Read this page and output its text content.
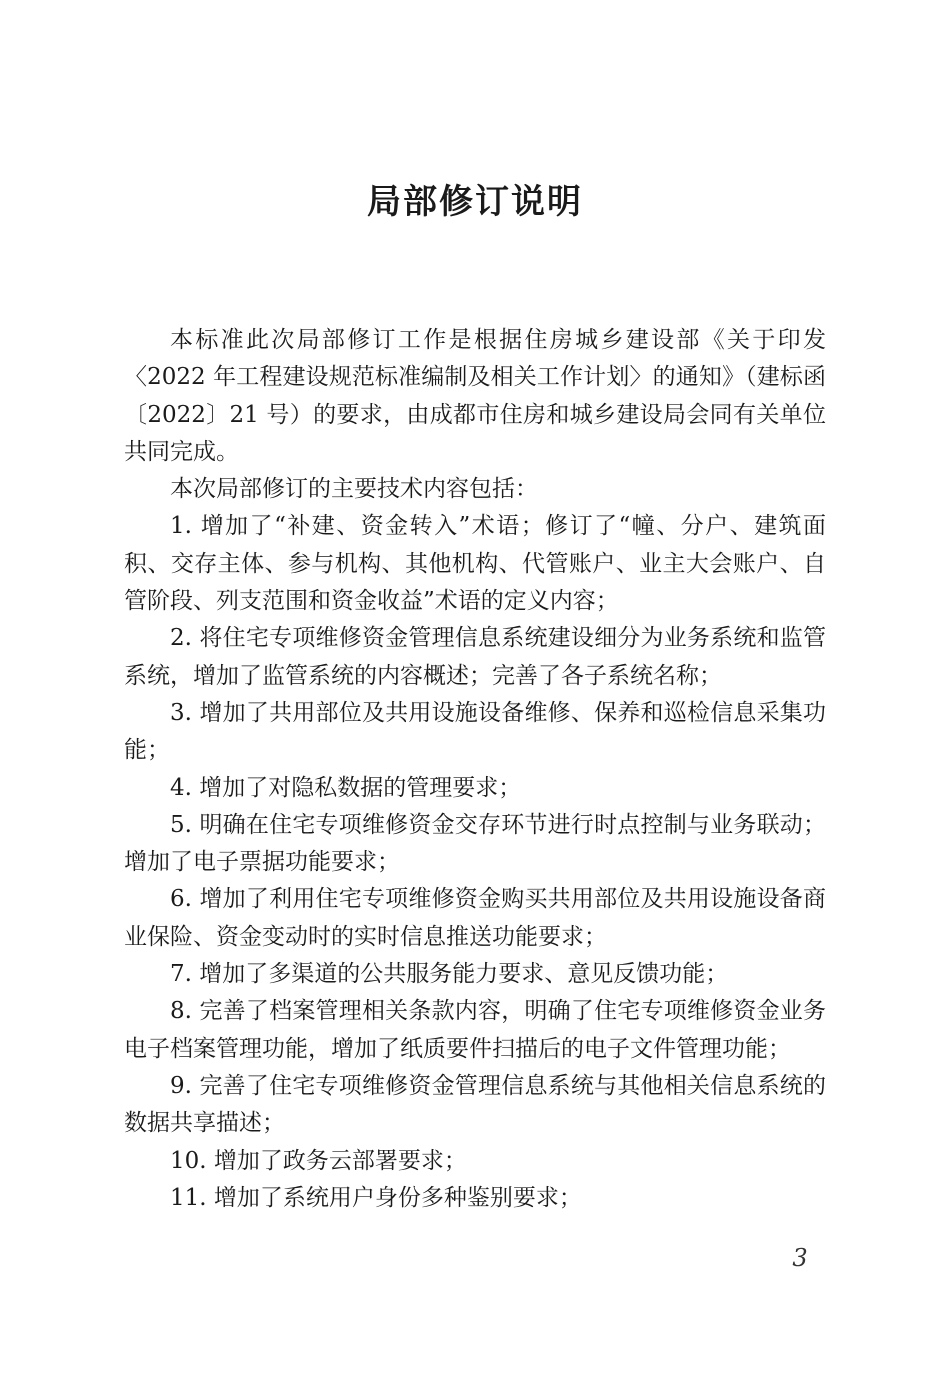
局部修订说明

本标准此次局部修订工作是根据住房城乡建设部《关于印发〈2022 年工程建设规范标准编制及相关工作计划〉的通知》（建标函〔2022〕21 号）的要求，由成都市住房和城乡建设局会同有关单位共同完成。

本次局部修订的主要技术内容包括：

1. 增加了“补建、资金转入”术语；修订了“幢、分户、建筑面积、交存主体、参与机构、其他机构、代管账户、业主大会账户、自管阶段、列支范围和资金收益”术语的定义内容；

2. 将住宅专项维修资金管理信息系统建设细分为业务系统和监管系统，增加了监管系统的内容概述；完善了各子系统名称；

3. 增加了共用部位及共用设施设备维修、保养和巡检信息采集功能；

4. 增加了对隐私数据的管理要求；

5. 明确在住宅专项维修资金交存环节进行时点控制与业务联动；增加了电子票据功能要求；

6. 增加了利用住宅专项维修资金购买共用部位及共用设施设备商业保险、资金变动时的实时信息推送功能要求；

7. 增加了多渠道的公共服务能力要求、意见反馈功能；

8. 完善了档案管理相关条款内容，明确了住宅专项维修资金业务电子档案管理功能，增加了纸质要件扫描后的电子文件管理功能；

9. 完善了住宅专项维修资金管理信息系统与其他相关信息系统的数据共享描述；

10. 增加了政务云部署要求；

11. 增加了系统用户身份多种鉴别要求；

3
